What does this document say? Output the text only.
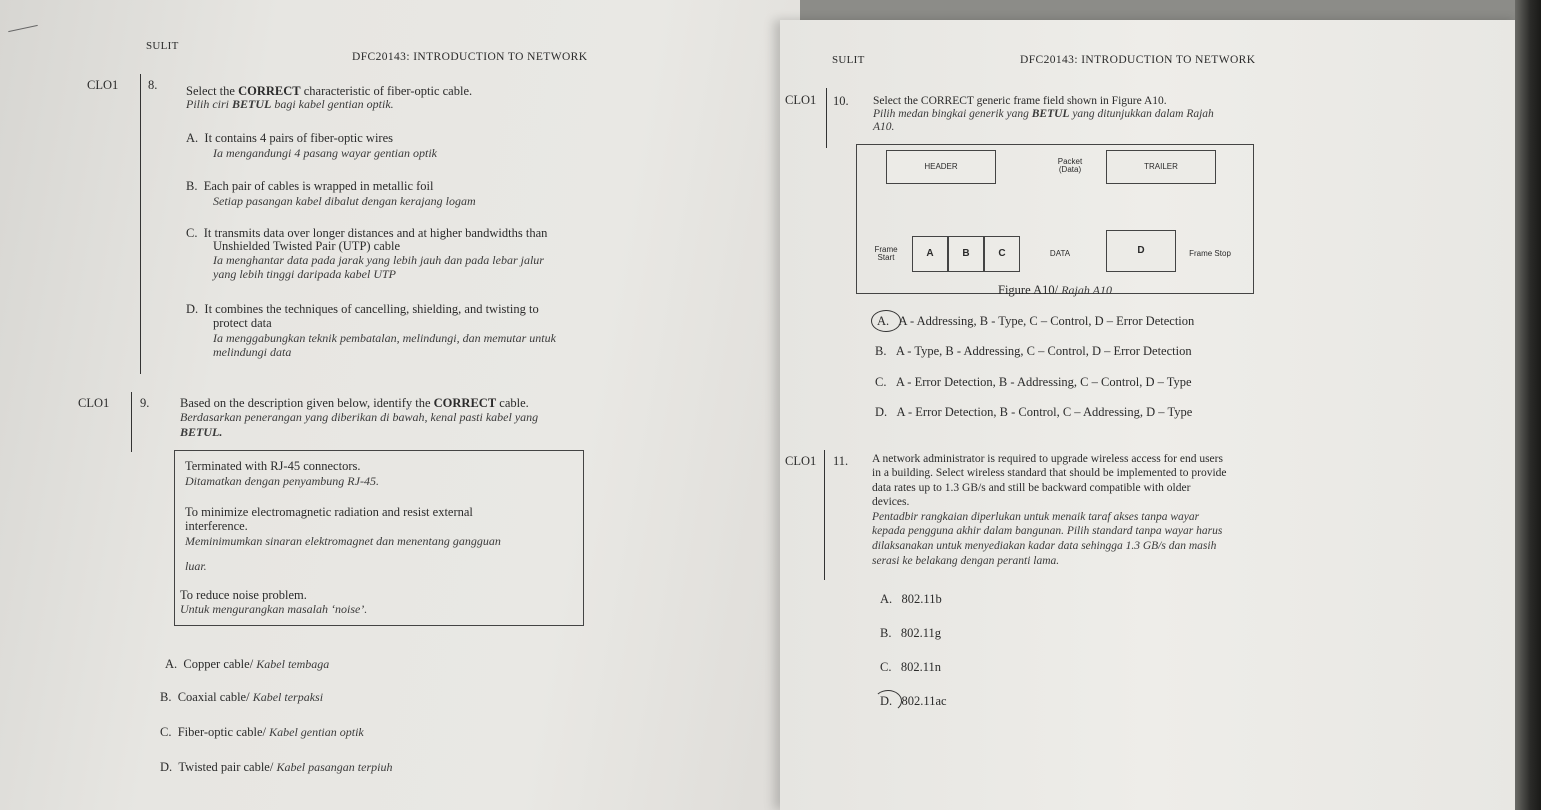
SULIT
DFC20143: INTRODUCTION TO NETWORK
CLO1 8. Select the CORRECT characteristic of fiber-optic cable.
Pilih ciri BETUL bagi kabel gentian optik.
A. It contains 4 pairs of fiber-optic wires
Ia mengandungi 4 pasang wayar gentian optik
B. Each pair of cables is wrapped in metallic foil
Setiap pasangan kabel dibalut dengan kerajang logam
C. It transmits data over longer distances and at higher bandwidths than
Unshielded Twisted Pair (UTP) cable
Ia menghantar data pada jarak yang lebih jauh dan pada lebar jalur
yang lebih tinggi daripada kabel UTP
D. It combines the techniques of cancelling, shielding, and twisting to
protect data
Ia menggabungkan teknik pembatalan, melindungi, dan memutar untuk
melindungi data
CLO1 9. Based on the description given below, identify the CORRECT cable.
Berdasarkan penerangan yang diberikan di bawah, kenal pasti kabel yang
BETUL.
Terminated with RJ-45 connectors.
Ditamatkan dengan penyambung RJ-45.
To minimize electromagnetic radiation and resist external
interference.
Meminimumkan sinaran elektromagnet dan menentang gangguan
luar.
To reduce noise problem.
Untuk mengurangkan masalah ‘noise’.
A. Copper cable/ Kabel tembaga
B. Coaxial cable/ Kabel terpaksi
C. Fiber-optic cable/ Kabel gentian optik
D. Twisted pair cable/ Kabel pasangan terpiuh
SULIT	DFC20143: INTRODUCTION TO NETWORK
CLO1 10. Select the CORRECT generic frame field shown in Figure A10.
Pilih medan bingkai generik yang BETUL yang ditunjukkan dalam Rajah
A10.
HEADER
Packet
(Data)	TRAILER
Frame
Start	A	B	C	DATA	D	Frame Stop
Figure A10/ Rajah A10
A. A - Addressing, B - Type, C – Control, D – Error Detection
B. A - Type, B - Addressing, C – Control, D – Error Detection
C. A - Error Detection, B - Addressing, C – Control, D – Type
D. A - Error Detection, B - Control, C – Addressing, D – Type
CLO1 11. A network administrator is required to upgrade wireless access for end users
in a building. Select wireless standard that should be implemented to provide
data rates up to 1.3 GB/s and still be backward compatible with older
devices.
Pentadbir rangkaian diperlukan untuk menaik taraf akses tanpa wayar
kepada pengguna akhir dalam bangunan. Pilih standard tanpa wayar harus
dilaksanakan untuk menyediakan kadar data sehingga 1.3 GB/s dan masih
serasi ke belakang dengan peranti lama.
A. 802.11b
B. 802.11g
C. 802.11n
D. 802.11ac
